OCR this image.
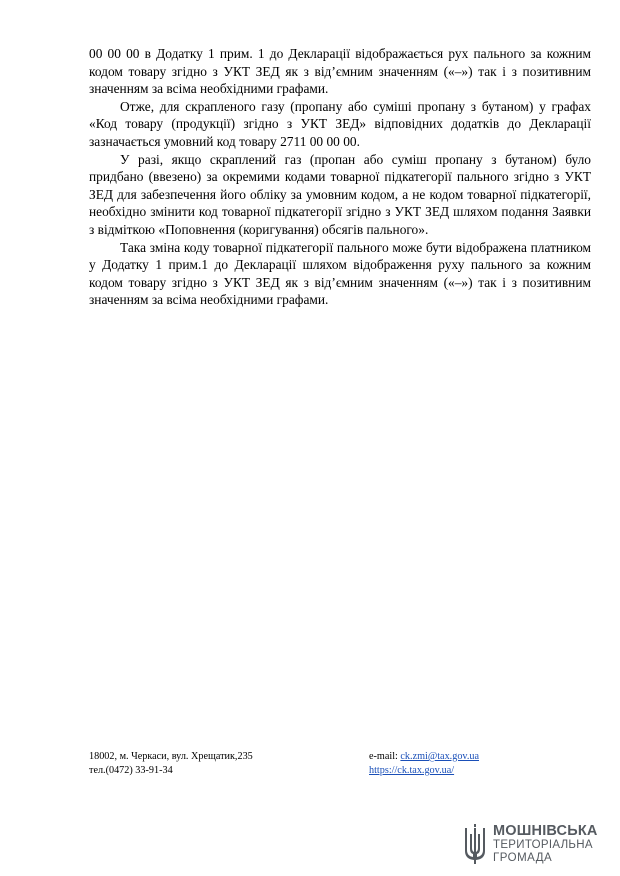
00 00 00 в Додатку 1 прим. 1 до Декларації відображається рух пального за кожним кодом товару згідно з УКТ ЗЕД як з від’ємним значенням («–») так і з позитивним значенням за всіма необхідними графами.

Отже, для скрапленого газу (пропану або суміші пропану з бутаном) у графах «Код товару (продукції) згідно з УКТ ЗЕД» відповідних додатків до Декларації зазначається умовний код товару 2711 00 00 00.

У разі, якщо скраплений газ (пропан або суміш пропану з бутаном) було придбано (ввезено) за окремими кодами товарної підкатегорії пального згідно з УКТ ЗЕД для забезпечення його обліку за умовним кодом, а не кодом товарної підкатегорії, необхідно змінити код товарної підкатегорії згідно з УКТ ЗЕД шляхом подання Заявки з відміткою «Поповнення (коригування) обсягів пального».

Така зміна коду товарної підкатегорії пального може бути відображена платником у Додатку 1 прим.1 до Декларації шляхом відображення руху пального за кожним кодом товару згідно з УКТ ЗЕД як з від’ємним значенням («–») так і з позитивним значенням за всіма необхідними графами.

18002, м. Черкаси, вул. Хрещатик,235
тел.(0472) 33-91-34
e-mail: ck.zmi@tax.gov.ua
https://ck.tax.gov.ua/
МОШНІВСЬКА
ТЕРИТОРІАЛЬНА
ГРОМАДА
